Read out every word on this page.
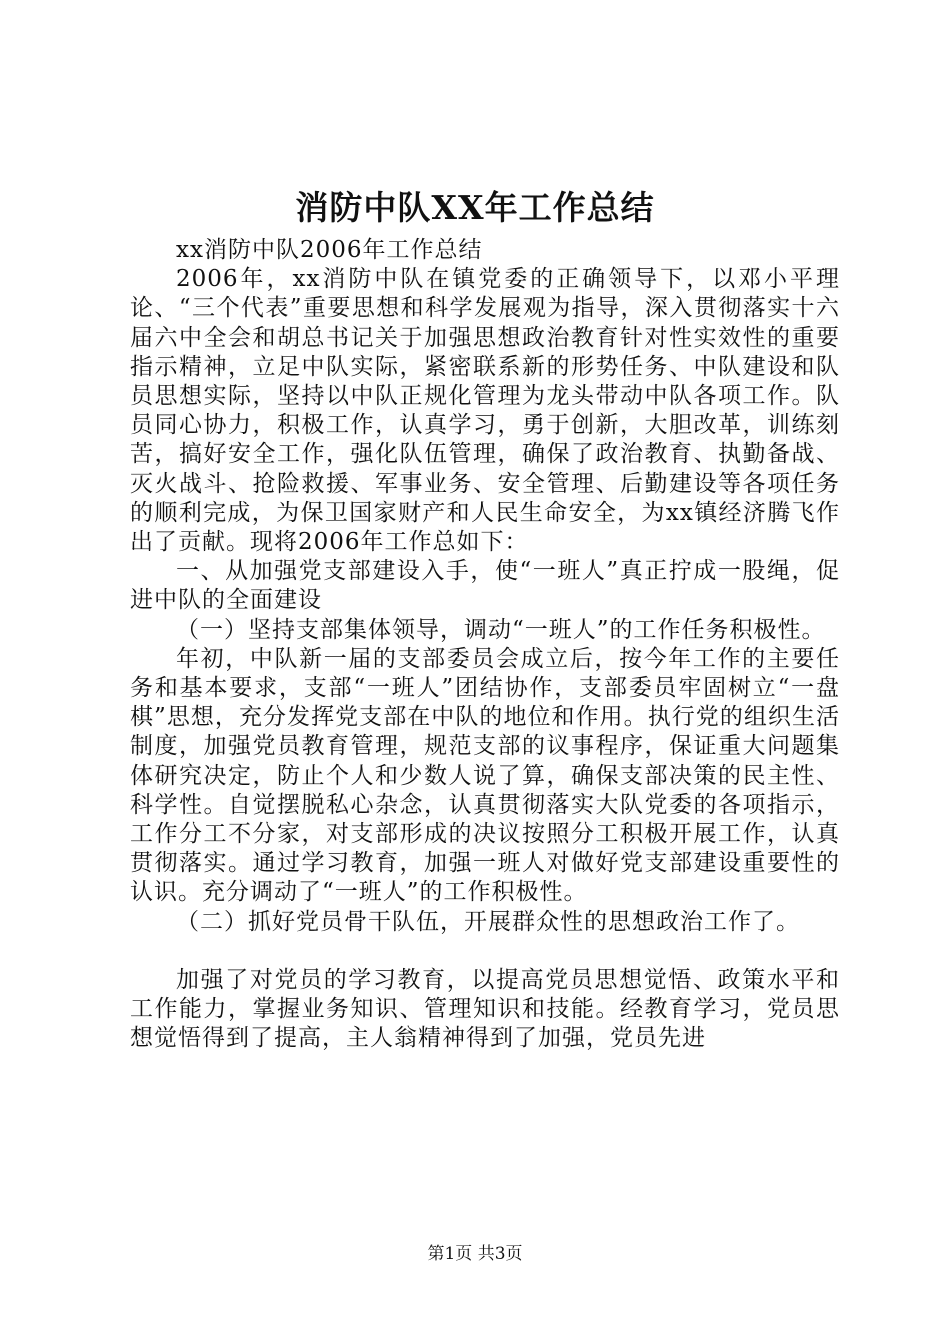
消防中队XX年工作总结

xx消防中队2006年工作总结

2006年，xx消防中队在镇党委的正确领导下，以邓小平理论、“三个代表”重要思想和科学发展观为指导，深入贯彻落实十六届六中全会和胡总书记关于加强思想政治教育针对性实效性的重要指示精神，立足中队实际，紧密联系新的形势任务、中队建设和队员思想实际，坚持以中队正规化管理为龙头带动中队各项工作。队员同心协力，积极工作，认真学习，勇于创新，大胆改革，训练刻苦，搞好安全工作，强化队伍管理，确保了政治教育、执勤备战、灭火战斗、抢险救援、军事业务、安全管理、后勤建设等各项任务的顺利完成，为保卫国家财产和人民生命安全，为xx镇经济腾飞作出了贡献。现将2006年工作总如下：

一、从加强党支部建设入手，使“一班人”真正拧成一股绳，促进中队的全面建设

（一）坚持支部集体领导，调动“一班人”的工作任务积极性。

年初，中队新一届的支部委员会成立后，按今年工作的主要任务和基本要求，支部“一班人”团结协作，支部委员牢固树立“一盘棋”思想，充分发挥党支部在中队的地位和作用。执行党的组织生活制度，加强党员教育管理，规范支部的议事程序，保证重大问题集体研究决定，防止个人和少数人说了算，确保支部决策的民主性、科学性。自觉摆脱私心杂念，认真贯彻落实大队党委的各项指示，工作分工不分家，对支部形成的决议按照分工积极开展工作，认真贯彻落实。通过学习教育，加强一班人对做好党支部建设重要性的认识。充分调动了“一班人”的工作积极性。

（二）抓好党员骨干队伍，开展群众性的思想政治工作了。

加强了对党员的学习教育，以提高党员思想觉悟、政策水平和工作能力，掌握业务知识、管理知识和技能。经教育学习，党员思想觉悟得到了提高，主人翁精神得到了加强，党员先进

第1页 共3页
